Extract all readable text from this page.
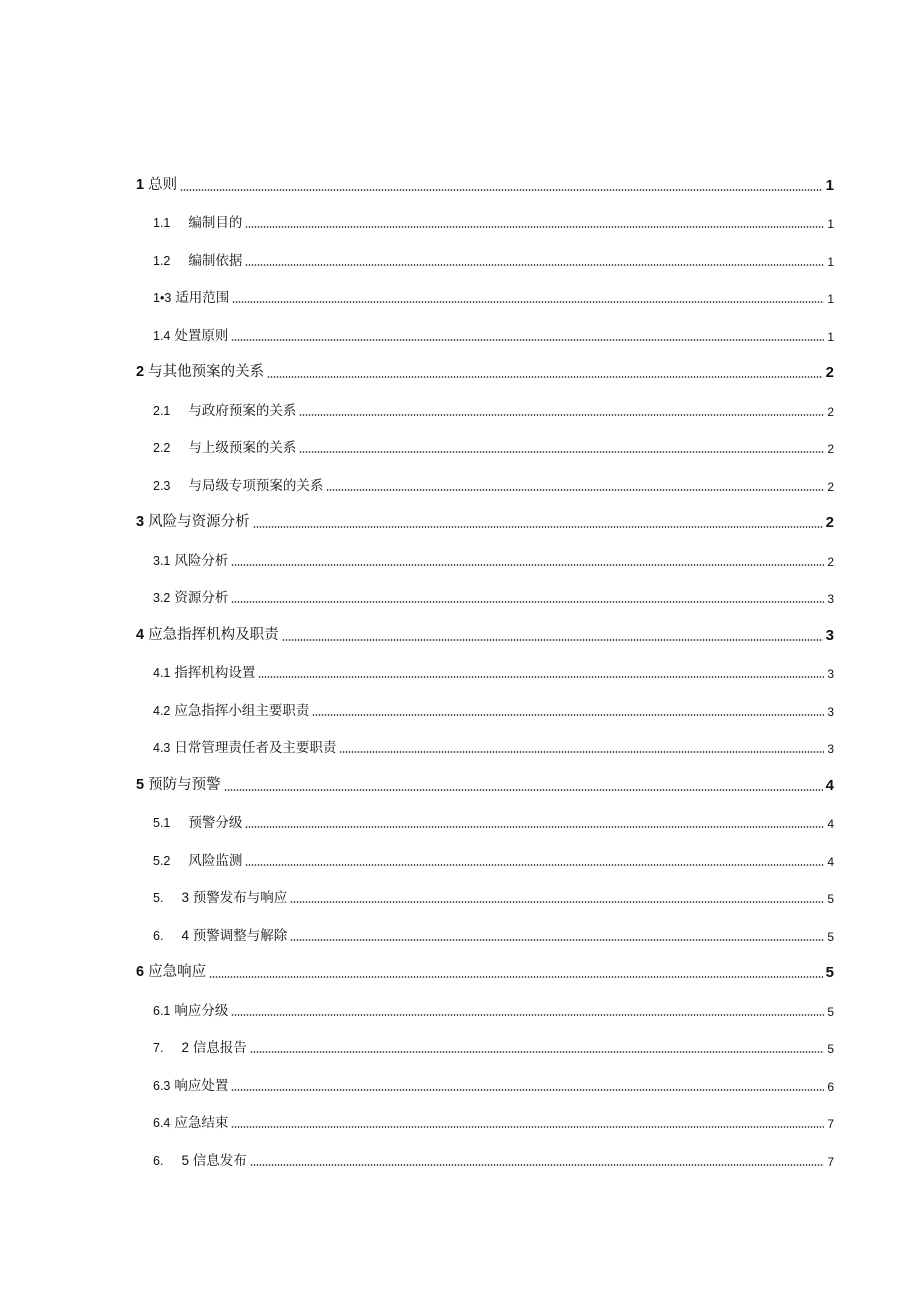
1 总则	1
1.1 编制目的	1
1.2 编制依据	1
1•3 适用范围	1
1.4 处置原则	1
2 与其他预案的关系	2
2.1 与政府预案的关系	2
2.2 与上级预案的关系	2
2.3 与局级专项预案的关系	2
3 风险与资源分析	2
3.1 风险分析	2
3.2 资源分析	3
4 应急指挥机构及职责	3
4.1 指挥机构设置	3
4.2 应急指挥小组主要职责	3
4.3 日常管理责任者及主要职责	3
5 预防与预警	4
5.1 预警分级	4
5.2 风险监测	4
5. 3 预警发布与响应	5
6. 4 预警调整与解除	5
6 应急响应	5
6.1 响应分级	5
7. 2 信息报告	5
6.3 响应处置	6
6.4 应急结束	7
6. 5 信息发布	7
